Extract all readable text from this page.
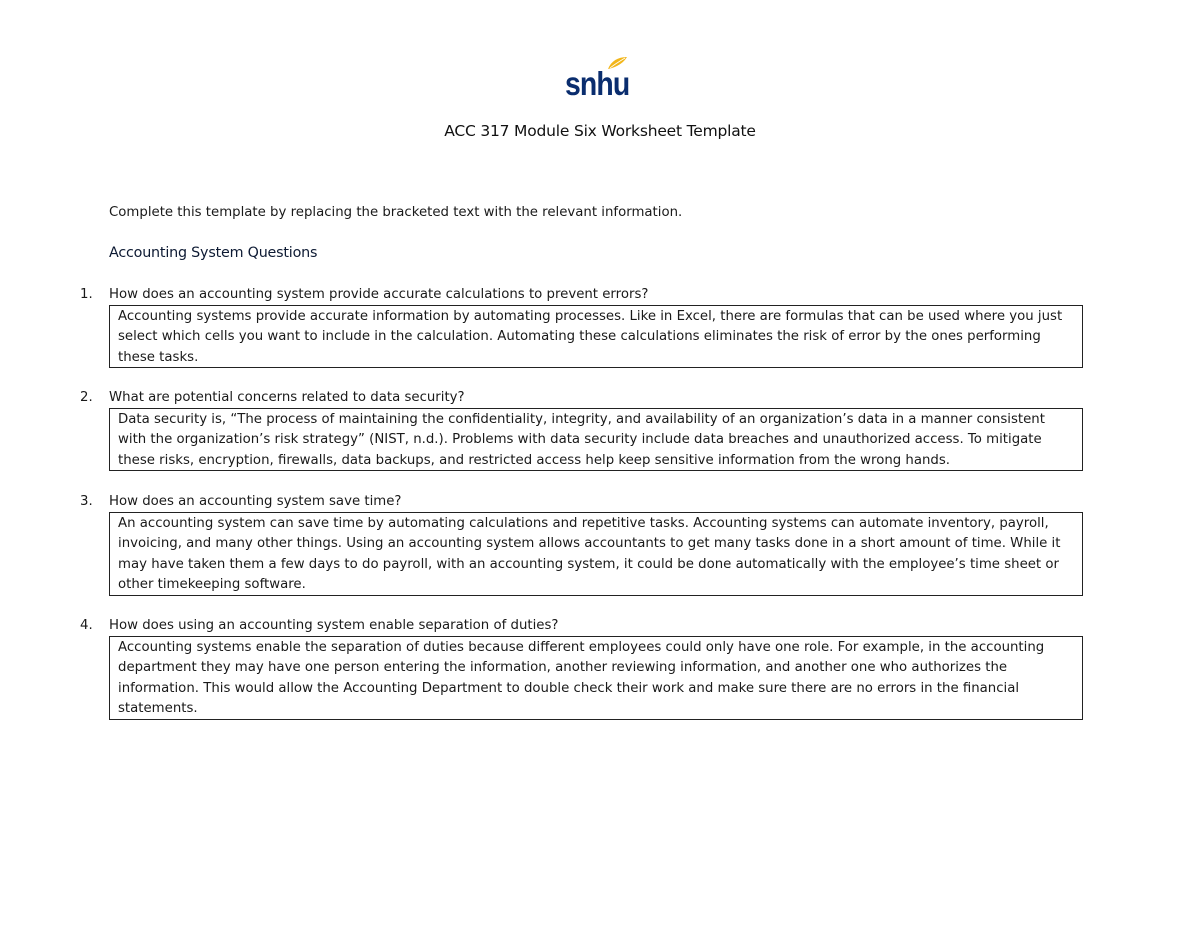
snhu
ACC 317 Module Six Worksheet Template
Complete this template by replacing the bracketed text with the relevant information.
Accounting System Questions
1.	How does an accounting system provide accurate calculations to prevent errors?

Accounting systems provide accurate information by automating processes. Like in Excel, there are formulas that can be used where you just

select which cells you want to include in the calculation. Automating these calculations eliminates the risk of error by the ones performing

these tasks.

2.	What are potential concerns related to data security?

Data security is, “The process of maintaining the confidentiality, integrity, and availability of an organization’s data in a manner consistent

with the organization’s risk strategy” (NIST, n.d.). Problems with data security include data breaches and unauthorized access. To mitigate

these risks, encryption, firewalls, data backups, and restricted access help keep sensitive information from the wrong hands.

3.	How does an accounting system save time?

An accounting system can save time by automating calculations and repetitive tasks. Accounting systems can automate inventory, payroll,

invoicing, and many other things. Using an accounting system allows accountants to get many tasks done in a short amount of time. While it

may have taken them a few days to do payroll, with an accounting system, it could be done automatically with the employee’s time sheet or

other timekeeping software.

4.	How does using an accounting system enable separation of duties?

Accounting systems enable the separation of duties because different employees could only have one role. For example, in the accounting

department they may have one person entering the information, another reviewing information, and another one who authorizes the

information. This would allow the Accounting Department to double check their work and make sure there are no errors in the financial

statements.
